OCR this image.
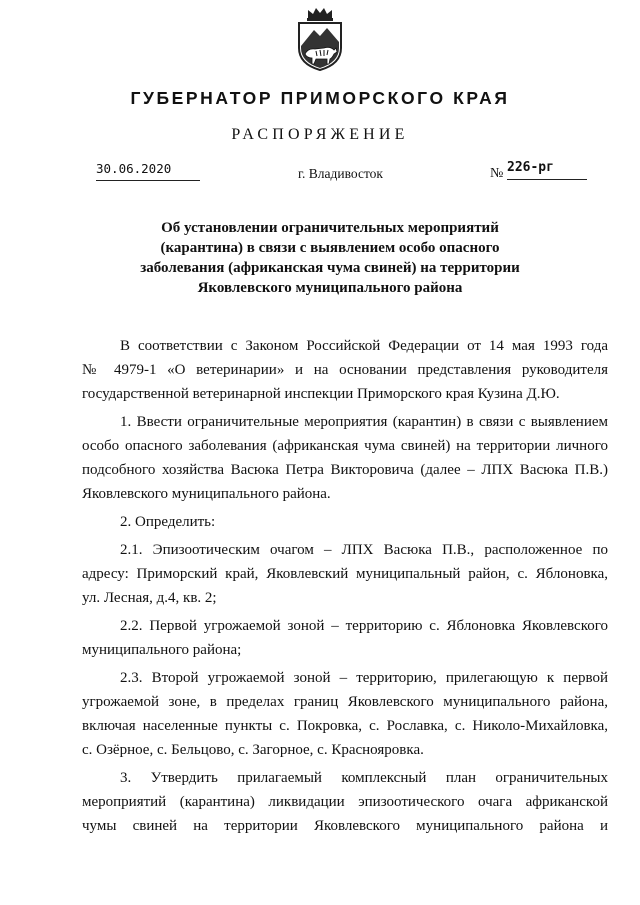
ГУБЕРНАТОР ПРИМОРСКОГО КРАЯ
РАСПОРЯЖЕНИЕ
30.06.2020	г. Владивосток	№ 226-рг
Об установлении ограничительных мероприятий
(карантина) в связи с выявлением особо опасного
заболевания (африканская чума свиней) на территории
Яковлевского муниципального района

В соответствии с Законом Российской Федерации от 14 мая 1993 года
№ 4979-1 «О ветеринарии» и на основании представления руководителя
государственной ветеринарной инспекции Приморского края Кузина Д.Ю.

1. Ввести ограничительные мероприятия (карантин) в связи с выявлением
особо опасного заболевания (африканская чума свиней) на территории личного
подсобного хозяйства Васюка Петра Викторовича (далее – ЛПХ Васюка П.В.)
Яковлевского муниципального района.

2. Определить:

2.1. Эпизоотическим очагом – ЛПХ Васюка П.В., расположенное по
адресу: Приморский край, Яковлевский муниципальный район, с. Яблоновка,
ул. Лесная, д.4, кв. 2;

2.2. Первой угрожаемой зоной – территорию с. Яблоновка Яковлевского
муниципального района;

2.3. Второй угрожаемой зоной – территорию, прилегающую к первой
угрожаемой зоне, в пределах границ Яковлевского муниципального района,
включая населенные пункты с. Покровка, с. Рославка, с. Николо-Михайловка,
с. Озёрное, с. Бельцово, с. Загорное, с. Краснояровка.

3. Утвердить прилагаемый комплексный план ограничительных
мероприятий (карантина) ликвидации эпизоотического очага африканской
чумы свиней на территории Яковлевского муниципального района и
